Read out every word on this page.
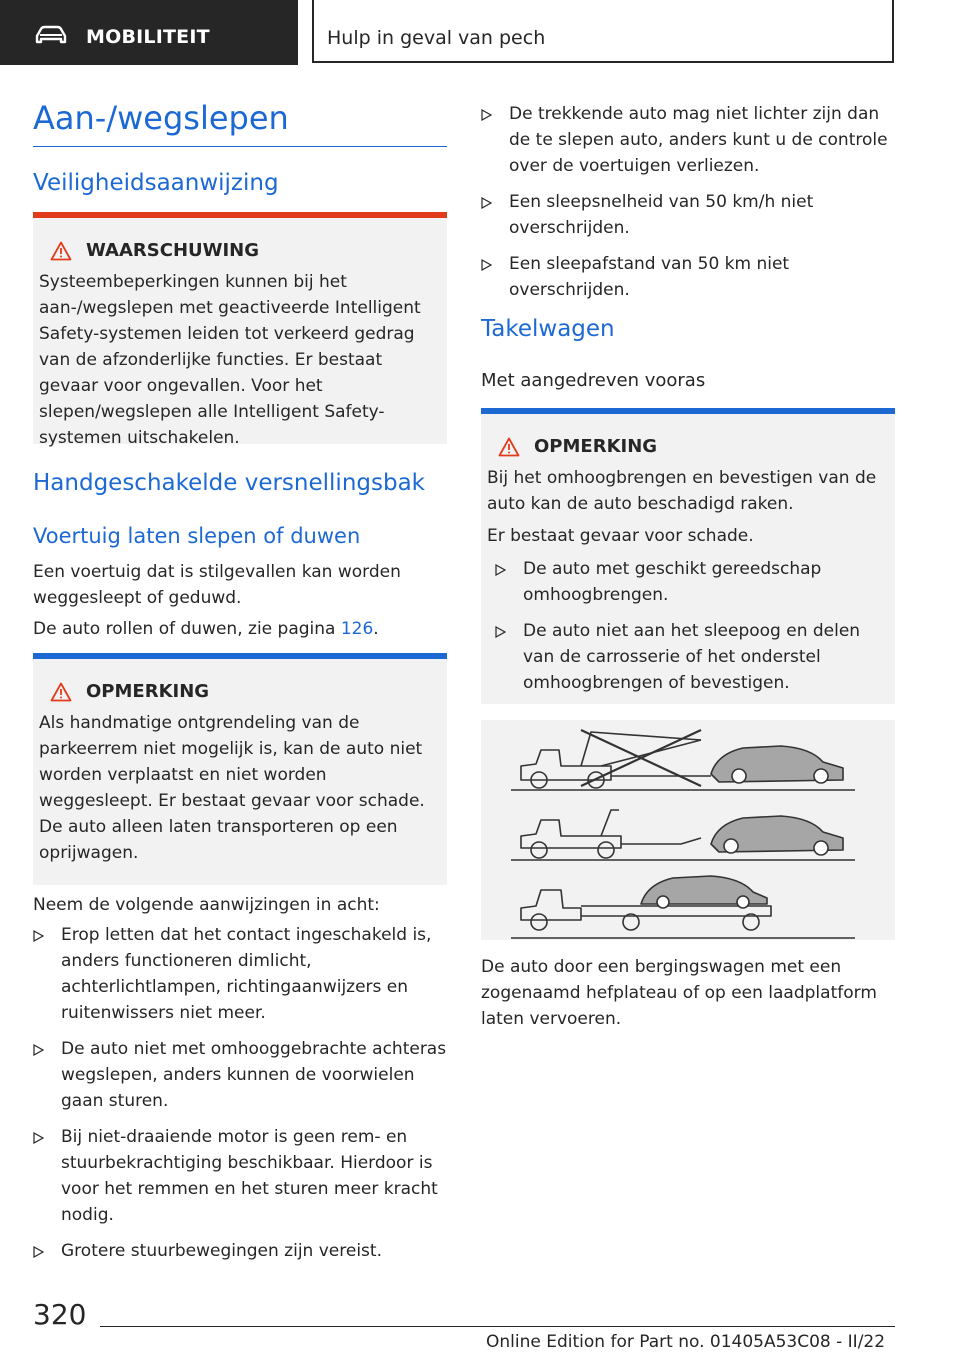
MOBILITEIT	Hulp in geval van pech
Aan-/wegslepen
Veiligheidsaanwijzing
WAARSCHUWING

Systeembeperkingen kunnen bij het aan-/wegslepen met geactiveerde Intelligent Safety-systemen leiden tot verkeerd gedrag van de afzonderlijke functies. Er bestaat gevaar voor ongevallen. Voor het slepen/wegslepen alle Intelligent Safety-systemen uitschakelen.

Handgeschakelde versnellingsbak
Voertuig laten slepen of duwen

Een voertuig dat is stilgevallen kan worden weggesleept of geduwd.

De auto rollen of duwen, zie pagina 126.

OPMERKING

Als handmatige ontgrendeling van de parkeerrem niet mogelijk is, kan de auto niet worden verplaatst en niet worden weggesleept. Er bestaat gevaar voor schade. De auto alleen laten transporteren op een oprijwagen.

Neem de volgende aanwijzingen in acht:

Erop letten dat het contact ingeschakeld is, anders functioneren dimlicht, achterlichtlampen, richtingaanwijzers en ruitenwissers niet meer.
De auto niet met omhooggebrachte achteras wegslepen, anders kunnen de voorwielen gaan sturen.
Bij niet-draaiende motor is geen rem- en stuurbekrachtiging beschikbaar. Hierdoor is voor het remmen en het sturen meer kracht nodig.
Grotere stuurbewegingen zijn vereist.
De trekkende auto mag niet lichter zijn dan de te slepen auto, anders kunt u de controle over de voertuigen verliezen.
Een sleepsnelheid van 50 km/h niet overschrijden.
Een sleepafstand van 50 km niet overschrijden.
Takelwagen
Met aangedreven vooras
OPMERKING

Bij het omhoogbrengen en bevestigen van de auto kan de auto beschadigd raken.

Er bestaat gevaar voor schade.

De auto met geschikt gereedschap omhoogbrengen.
De auto niet aan het sleepoog en delen van de carrosserie of het onderstel omhoogbrengen of bevestigen.

De auto door een bergingswagen met een zogenaamd hefplateau of op een laadplatform laten vervoeren.

320
Online Edition for Part no. 01405A53C08 - II/22
